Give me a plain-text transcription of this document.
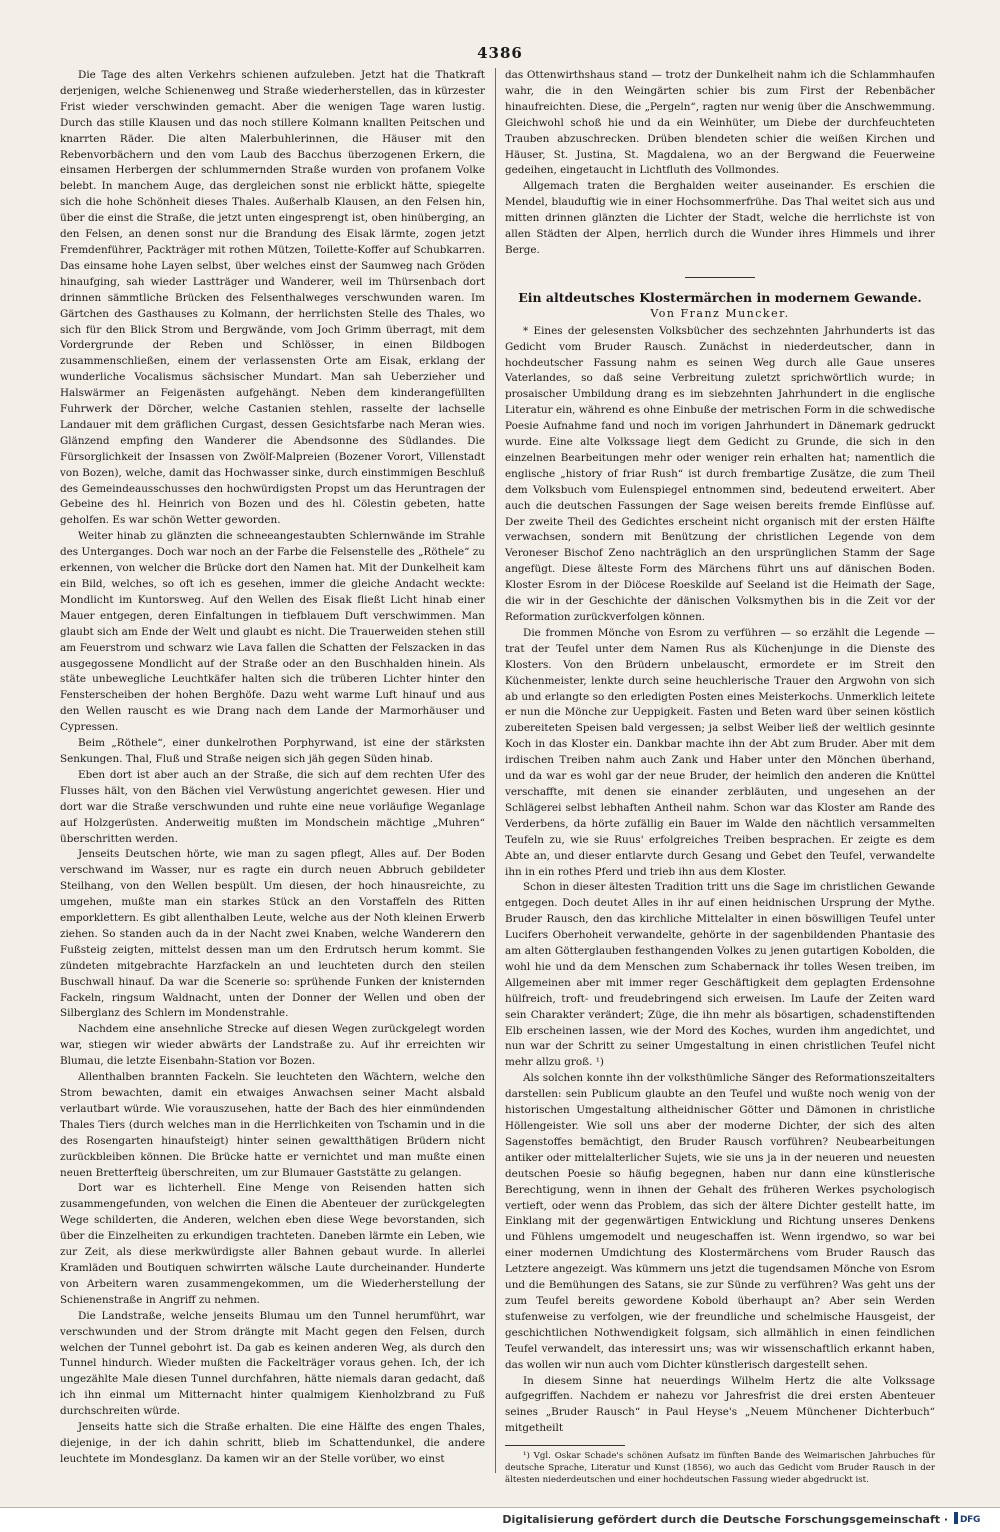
4386

Die Tage des alten Verkehrs schienen aufzuleben. Jetzt hat die Thatkraft derjenigen, welche Schienenweg und Straße wiederherstellen, das in kürzester Frist wieder verschwinden gemacht. Aber die wenigen Tage waren lustig. Durch das stille Klausen und das noch stillere Kolmann knallten Peitschen und knarrten Räder. Die alten Malerbuhlerinnen, die Häuser mit den Rebenvorbächern und den vom Laub des Bacchus überzogenen Erkern, die einsamen Herbergen der schlummernden Straße wurden von profanem Volke belebt. In manchem Auge, das dergleichen sonst nie erblickt hätte, spiegelte sich die hohe Schönheit dieses Thales. Außerhalb Klausen, an den Felsen hin, über die einst die Straße, die jetzt unten eingesprengt ist, oben hinüberging, an den Felsen, an denen sonst nur die Brandung des Eisak lärmte, zogen jetzt Fremdenführer, Packträger mit rothen Mützen, Toilette-Koffer auf Schubkarren. Das einsame hohe Layen selbst, über welches einst der Saumweg nach Gröden hinaufging, sah wieder Lastträger und Wanderer, weil im Thürsenbach dort drinnen sämmtliche Brücken des Felsenthalweges verschwunden waren. Im Gärtchen des Gasthauses zu Kolmann, der herrlichsten Stelle des Thales, wo sich für den Blick Strom und Bergwände, vom Joch Grimm überragt, mit dem Vordergrunde der Reben und Schlösser, in einen Bildbogen zusammenschließen, einem der verlassensten Orte am Eisak, erklang der wunderliche Vocalismus sächsischer Mundart. Man sah Ueberzieher und Halswärmer an Feigenästen aufgehängt. Neben dem kinderangefüllten Fuhrwerk der Dörcher, welche Castanien stehlen, rasselte der lachselle Landauer mit dem gräflichen Curgast, dessen Gesichtsfarbe nach Meran wies. Glänzend empfing den Wanderer die Abendsonne des Südlandes. Die Fürsorglichkeit der Insassen von Zwölf-Malpreien (Bozener Vorort, Villenstadt von Bozen), welche, damit das Hochwasser sinke, durch einstimmigen Beschluß des Gemeindeausschusses den hochwürdigsten Propst um das Heruntragen der Gebeine des hl. Heinrich von Bozen und des hl. Cölestin gebeten, hatte geholfen. Es war schön Wetter geworden.

Weiter hinab zu glänzten die schneeangestaubten Schlernwände im Strahle des Unterganges. Doch war noch an der Farbe die Felsenstelle des „Röthele“ zu erkennen, von welcher die Brücke dort den Namen hat. Mit der Dunkelheit kam ein Bild, welches, so oft ich es gesehen, immer die gleiche Andacht weckte: Mondlicht im Kuntorsweg. Auf den Wellen des Eisak fließt Licht hinab einer Mauer entgegen, deren Einfaltungen in tiefblauem Duft verschwimmen. Man glaubt sich am Ende der Welt und glaubt es nicht. Die Trauerweiden stehen still am Feuerstrom und schwarz wie Lava fallen die Schatten der Felszacken in das ausgegossene Mondlicht auf der Straße oder an den Buschhalden hinein. Als stäte unbewegliche Leuchtkäfer halten sich die trüberen Lichter hinter den Fensterscheiben der hohen Berghöfe. Dazu weht warme Luft hinauf und aus den Wellen rauscht es wie Drang nach dem Lande der Marmorhäuser und Cypressen.

Beim „Röthele“, einer dunkelrothen Porphyrwand, ist eine der stärksten Senkungen. Thal, Fluß und Straße neigen sich jäh gegen Süden hinab.

Eben dort ist aber auch an der Straße, die sich auf dem rechten Ufer des Flusses hält, von den Bächen viel Verwüstung angerichtet gewesen. Hier und dort war die Straße verschwunden und ruhte eine neue vorläufige Weganlage auf Holzgerüsten. Anderweitig mußten im Mondschein mächtige „Muhren“ überschritten werden.

Jenseits Deutschen hörte, wie man zu sagen pflegt, Alles auf. Der Boden verschwand im Wasser, nur es ragte ein durch neuen Abbruch gebildeter Steilhang, von den Wellen bespült. Um diesen, der hoch hinausreichte, zu umgehen, mußte man ein starkes Stück an den Vorstaffeln des Ritten emporklettern. Es gibt allenthalben Leute, welche aus der Noth kleinen Erwerb ziehen. So standen auch da in der Nacht zwei Knaben, welche Wanderern den Fußsteig zeigten, mittelst dessen man um den Erdrutsch herum kommt. Sie zündeten mitgebrachte Harzfackeln an und leuchteten durch den steilen Buschwall hinauf. Da war die Scenerie so: sprühende Funken der knisternden Fackeln, ringsum Waldnacht, unten der Donner der Wellen und oben der Silberglanz des Schlern im Mondenstrahle.

Nachdem eine ansehnliche Strecke auf diesen Wegen zurückgelegt worden war, stiegen wir wieder abwärts der Landstraße zu. Auf ihr erreichten wir Blumau, die letzte Eisenbahn-Station vor Bozen.

Allenthalben brannten Fackeln. Sie leuchteten den Wächtern, welche den Strom bewachten, damit ein etwaiges Anwachsen seiner Macht alsbald verlautbart würde. Wie vorauszusehen, hatte der Bach des hier einmündenden Thales Tiers (durch welches man in die Herrlichkeiten von Tschamin und in die des Rosengarten hinaufsteigt) hinter seinen gewaltthätigen Brüdern nicht zurückbleiben können. Die Brücke hatte er vernichtet und man mußte einen neuen Bretterfteig überschreiten, um zur Blumauer Gaststätte zu gelangen.

Dort war es lichterhell. Eine Menge von Reisenden hatten sich zusammengefunden, von welchen die Einen die Abenteuer der zurückgelegten Wege schilderten, die Anderen, welchen eben diese Wege bevorstanden, sich über die Einzelheiten zu erkundigen trachteten. Daneben lärmte ein Leben, wie zur Zeit, als diese merkwürdigste aller Bahnen gebaut wurde. In allerlei Kramläden und Boutiquen schwirrten wälsche Laute durcheinander. Hunderte von Arbeitern waren zusammengekommen, um die Wiederherstellung der Schienenstraße in Angriff zu nehmen.

Die Landstraße, welche jenseits Blumau um den Tunnel herumführt, war verschwunden und der Strom drängte mit Macht gegen den Felsen, durch welchen der Tunnel gebohrt ist. Da gab es keinen anderen Weg, als durch den Tunnel hindurch. Wieder mußten die Fackelträger voraus gehen. Ich, der ich ungezählte Male diesen Tunnel durchfahren, hätte niemals daran gedacht, daß ich ihn einmal um Mitternacht hinter qualmigem Kienholzbrand zu Fuß durchschreiten würde.

Jenseits hatte sich die Straße erhalten. Die eine Hälfte des engen Thales, diejenige, in der ich dahin schritt, blieb im Schattendunkel, die andere leuchtete im Mondesglanz. Da kamen wir an der Stelle vorüber, wo einst

das Ottenwirthshaus stand — trotz der Dunkelheit nahm ich die Schlammhaufen wahr, die in den Weingärten schier bis zum First der Rebenbächer hinaufreichten. Diese, die „Pergeln“, ragten nur wenig über die Anschwemmung. Gleichwohl schoß hie und da ein Weinhüter, um Diebe der durchfeuchteten Trauben abzuschrecken. Drüben blendeten schier die weißen Kirchen und Häuser, St. Justina, St. Magdalena, wo an der Bergwand die Feuerweine gedeihen, eingetaucht in Lichtfluth des Vollmondes.

Allgemach traten die Berghalden weiter auseinander. Es erschien die Mendel, blauduftig wie in einer Hochsommerfrühe. Das Thal weitet sich aus und mitten drinnen glänzten die Lichter der Stadt, welche die herrlichste ist von allen Städten der Alpen, herrlich durch die Wunder ihres Himmels und ihrer Berge.

Ein altdeutsches Klostermärchen in modernem Gewande.

Von Franz Muncker.

* Eines der gelesensten Volksbücher des sechzehnten Jahrhunderts ist das Gedicht vom Bruder Rausch. Zunächst in niederdeutscher, dann in hochdeutscher Fassung nahm es seinen Weg durch alle Gaue unseres Vaterlandes, so daß seine Verbreitung zuletzt sprichwörtlich wurde; in prosaischer Umbildung drang es im siebzehnten Jahrhundert in die englische Literatur ein, während es ohne Einbuße der metrischen Form in die schwedische Poesie Aufnahme fand und noch im vorigen Jahrhundert in Dänemark gedruckt wurde. Eine alte Volkssage liegt dem Gedicht zu Grunde, die sich in den einzelnen Bearbeitungen mehr oder weniger rein erhalten hat; namentlich die englische „history of friar Rush“ ist durch frembartige Zusätze, die zum Theil dem Volksbuch vom Eulenspiegel entnommen sind, bedeutend erweitert. Aber auch die deutschen Fassungen der Sage weisen bereits fremde Einflüsse auf. Der zweite Theil des Gedichtes erscheint nicht organisch mit der ersten Hälfte verwachsen, sondern mit Benützung der christlichen Legende von dem Veroneser Bischof Zeno nachträglich an den ursprünglichen Stamm der Sage angefügt. Diese älteste Form des Märchens führt uns auf dänischen Boden. Kloster Esrom in der Diöcese Roeskilde auf Seeland ist die Heimath der Sage, die wir in der Geschichte der dänischen Volksmythen bis in die Zeit vor der Reformation zurückverfolgen können.

Die frommen Mönche von Esrom zu verführen — so erzählt die Legende — trat der Teufel unter dem Namen Rus als Küchenjunge in die Dienste des Klosters. Von den Brüdern unbelauscht, ermordete er im Streit den Küchenmeister, lenkte durch seine heuchlerische Trauer den Argwohn von sich ab und erlangte so den erledigten Posten eines Meisterkochs. Unmerklich leitete er nun die Mönche zur Ueppigkeit. Fasten und Beten ward über seinen köstlich zubereiteten Speisen bald vergessen; ja selbst Weiber ließ der weltlich gesinnte Koch in das Kloster ein. Dankbar machte ihn der Abt zum Bruder. Aber mit dem irdischen Treiben nahm auch Zank und Haber unter den Mönchen überhand, und da war es wohl gar der neue Bruder, der heimlich den anderen die Knüttel verschaffte, mit denen sie einander zerbläuten, und ungesehen an der Schlägerei selbst lebhaften Antheil nahm. Schon war das Kloster am Rande des Verderbens, da hörte zufällig ein Bauer im Walde den nächtlich versammelten Teufeln zu, wie sie Ruus' erfolgreiches Treiben besprachen. Er zeigte es dem Abte an, und dieser entlarvte durch Gesang und Gebet den Teufel, verwandelte ihn in ein rothes Pferd und trieb ihn aus dem Kloster.

Schon in dieser ältesten Tradition tritt uns die Sage im christlichen Gewande entgegen. Doch deutet Alles in ihr auf einen heidnischen Ursprung der Mythe. Bruder Rausch, den das kirchliche Mittelalter in einen böswilligen Teufel unter Lucifers Oberhoheit verwandelte, gehörte in der sagenbildenden Phantasie des am alten Götterglauben festhangenden Volkes zu jenen gutartigen Kobolden, die wohl hie und da dem Menschen zum Schabernack ihr tolles Wesen treiben, im Allgemeinen aber mit immer reger Geschäftigkeit dem geplagten Erdensohne hülfreich, troft- und freudebringend sich erweisen. Im Laufe der Zeiten ward sein Charakter verändert; Züge, die ihn mehr als bösartigen, schadenstiftenden Elb erscheinen lassen, wie der Mord des Koches, wurden ihm angedichtet, und nun war der Schritt zu seiner Umgestaltung in einen christlichen Teufel nicht mehr allzu groß. ¹)

Als solchen konnte ihn der volksthümliche Sänger des Reformationszeitalters darstellen: sein Publicum glaubte an den Teufel und wußte noch wenig von der historischen Umgestaltung altheidnischer Götter und Dämonen in christliche Höllengeister. Wie soll uns aber der moderne Dichter, der sich des alten Sagenstoffes bemächtigt, den Bruder Rausch vorführen? Neubearbeitungen antiker oder mittelalterlicher Sujets, wie sie uns ja in der neueren und neuesten deutschen Poesie so häufig begegnen, haben nur dann eine künstlerische Berechtigung, wenn in ihnen der Gehalt des früheren Werkes psychologisch vertieft, oder wenn das Problem, das sich der ältere Dichter gestellt hatte, im Einklang mit der gegenwärtigen Entwicklung und Richtung unseres Denkens und Fühlens umgemodelt und neugeschaffen ist. Wenn irgendwo, so war bei einer modernen Umdichtung des Klostermärchens vom Bruder Rausch das Letztere angezeigt. Was kümmern uns jetzt die tugendsamen Mönche von Esrom und die Bemühungen des Satans, sie zur Sünde zu verführen? Was geht uns der zum Teufel bereits gewordene Kobold überhaupt an? Aber sein Werden stufenweise zu verfolgen, wie der freundliche und schelmische Hausgeist, der geschichtlichen Nothwendigkeit folgsam, sich allmählich in einen feindlichen Teufel verwandelt, das interessirt uns; was wir wissenschaftlich erkannt haben, das wollen wir nun auch vom Dichter künstlerisch dargestellt sehen.

In diesem Sinne hat neuerdings Wilhelm Hertz die alte Volkssage aufgegriffen. Nachdem er nahezu vor Jahresfrist die drei ersten Abenteuer seines „Bruder Rausch“ in Paul Heyse's „Neuem Münchener Dichterbuch“ mitgetheilt

¹) Vgl. Oskar Schade's schönen Aufsatz im fünften Bande des Weimarischen Jahrbuches für deutsche Sprache, Literatur und Kunst (1856), wo auch das Gedicht vom Bruder Rausch in der ältesten niederdeutschen und einer hochdeutschen Fassung wieder abgedruckt ist.

Digitalisierung gefördert durch die Deutsche Forschungsgemeinschaft ·	DFG
